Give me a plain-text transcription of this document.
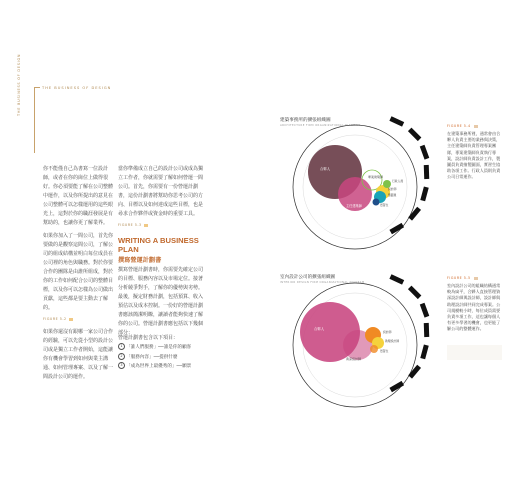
THE BUSINESS OF DESIGN
THE BUSINESS OF DESIGN
你不能僅自己為書寫一位設計師，或者在你的崗位上做得很好。你必須要能了解在公司整體中運作，以及你所提出的意見在公司整體可以怎樣運用的這些眼光上，這對於你的職涯發展是有幫助的，也讓你更了解業界。
如果你加入了一間公司，首先你要做的是觀察這間公司，了解公司的組成結構並明白每位成員在公司裡的角色與職務。對於你要合作的團隊是由誰所組成，對於你的工作如何配合公司的整體目標，以及你可以怎樣為公司做出貢獻，這些都是要主動去了解的。
FIGURE 5-2
如果你還沒有跟哪一家公司合作的經驗，可以先從小型的設計公司或是獨立工作者開始，這能讓你有機會學習到如何與業主溝通、如何管理專案、以及了解一間設計公司的運作。
當你準備成立自己的設計公司或成為獨立工作者，你就需要了解如何營運一間公司。首先，你需要有一份營運計劃書，這份計劃書將幫助你思考公司的方向、目標以及如何達成這些目標，也是尋求合作夥伴或資金時的重要工具。
FIGURE 5-3
WRITING A BUSINESS PLAN
撰寫營運計劃書
撰寫營運計劃書時，你需要先確定公司的目標、服務內容以及市場定位。接著分析競爭對手，了解你的優勢與劣勢。最後，擬定財務計劃，包括預算、收入預估以及成本控制。一份好的營運計劃書應該簡潔明瞭，讓讀者能夠快速了解你的公司。營運計劃書應包括以下幾個部分：
營運計劃書包含以下項目：
1 「誰人們服務」──誰是你的顧客
2 「服務內容」──提供什麼
3 「成為世界上最優秀的」──願景
建築事務所的擴張組織圖
ARCHITECTURE FIRM ORGANIZATIONAL DIAGRAM
室內設計公司的擴張組織圖
INTERIOR DESIGN FIRM ORGANIZATIONAL DIAGRAM
合夥人
主任建築師
專案建築師
設計師
製圖員
實習生
行政人員
合夥人
資深設計師
設計師
助理設計師
實習生
FIGURE 5-4
在建築事務所裡，通常會由合夥人負責主要的業務與決策，主任建築師負責管理專案團隊，專案建築師負責執行專案，設計師負責設計工作，製圖員負責繪製圖面，實習生協助各項工作。行政人員則負責公司日常運作。
FIGURE 5-5
室內設計公司的組織結構通常較為扁平，合夥人直接管理資深設計師與設計師，設計師與助理設計師共同完成專案。公司規模較小時，每位成員需要負責多項工作，這也讓每個人有更多學習的機會，也更能了解公司的整體運作。
